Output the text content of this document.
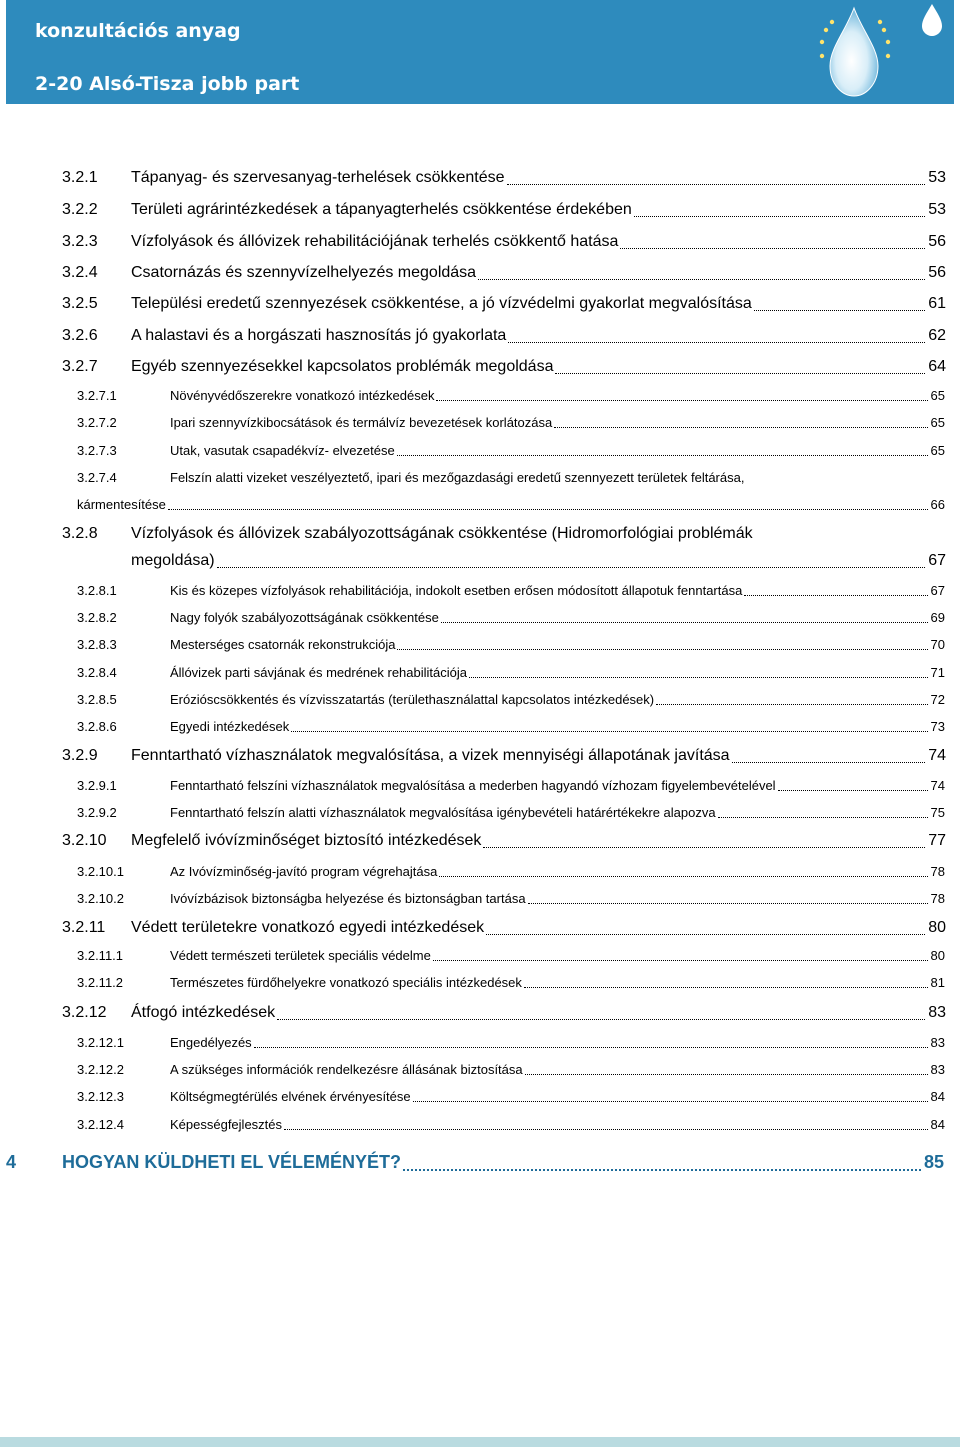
konzultációs anyag
2-20 Alsó-Tisza jobb part
3.2.1 Tápanyag- és szervesanyag-terhelések csökkentése	53
3.2.2 Területi agrárintézkedések a tápanyagterhelés csökkentése érdekében	53
3.2.3 Vízfolyások és állóvizek rehabilitációjának terhelés csökkentő hatása	56
3.2.4 Csatornázás és szennyvízelhelyezés megoldása	56
3.2.5 Települési eredetű szennyezések csökkentése, a jó vízvédelmi gyakorlat megvalósítása	61
3.2.6 A halastavi és a horgászati hasznosítás jó gyakorlata	62
3.2.7 Egyéb szennyezésekkel kapcsolatos problémák megoldása	64
3.2.7.1	Növényvédőszerekre vonatkozó intézkedések	65
3.2.7.2	Ipari szennyvízkibocsátások és termálvíz bevezetések korlátozása	65
3.2.7.3	Utak, vasutak csapadékvíz- elvezetése	65
3.2.7.4	Felszín alatti vizeket veszélyeztető, ipari és mezőgazdasági eredetű szennyezett területek feltárása,
kármentesítése	66
3.2.8 Vízfolyások és állóvizek szabályozottságának csökkentése (Hidromorfológiai problémák
megoldása)	67
3.2.8.1	Kis és közepes vízfolyások rehabilitációja, indokolt esetben erősen módosított állapotuk fenntartása	67
3.2.8.2	Nagy folyók szabályozottságának csökkentése	69
3.2.8.3	Mesterséges csatornák rekonstrukciója	70
3.2.8.4	Állóvizek parti sávjának és medrének rehabilitációja	71
3.2.8.5	Erózióscsökkentés és vízvisszatartás (területhasználattal kapcsolatos intézkedések)	72
3.2.8.6	Egyedi intézkedések	73
3.2.9 Fenntartható vízhasználatok megvalósítása, a vizek mennyiségi állapotának javítása	74
3.2.9.1	Fenntartható felszíni vízhasználatok megvalósítása a mederben hagyandó vízhozam figyelembevételével	74
3.2.9.2	Fenntartható felszín alatti vízhasználatok megvalósítása igénybevételi határértékekre alapozva	75
3.2.10 Megfelelő ivóvízminőséget biztosító intézkedések	77
3.2.10.1	Az Ivóvízminőség-javító program végrehajtása	78
3.2.10.2	Ivóvízbázisok biztonságba helyezése és biztonságban tartása	78
3.2.11 Védett területekre vonatkozó egyedi intézkedések	80
3.2.11.1	Védett természeti területek speciális védelme	80
3.2.11.2	Természetes fürdőhelyekre vonatkozó speciális intézkedések	81
3.2.12 Átfogó intézkedések	83
3.2.12.1	Engedélyezés	83
3.2.12.2	A szükséges információk rendelkezésre állásának biztosítása	83
3.2.12.3	Költségmegtérülés elvének érvényesítése	84
3.2.12.4	Képességfejlesztés	84
4	HOGYAN KÜLDHETI EL VÉLEMÉNYÉT?	85
